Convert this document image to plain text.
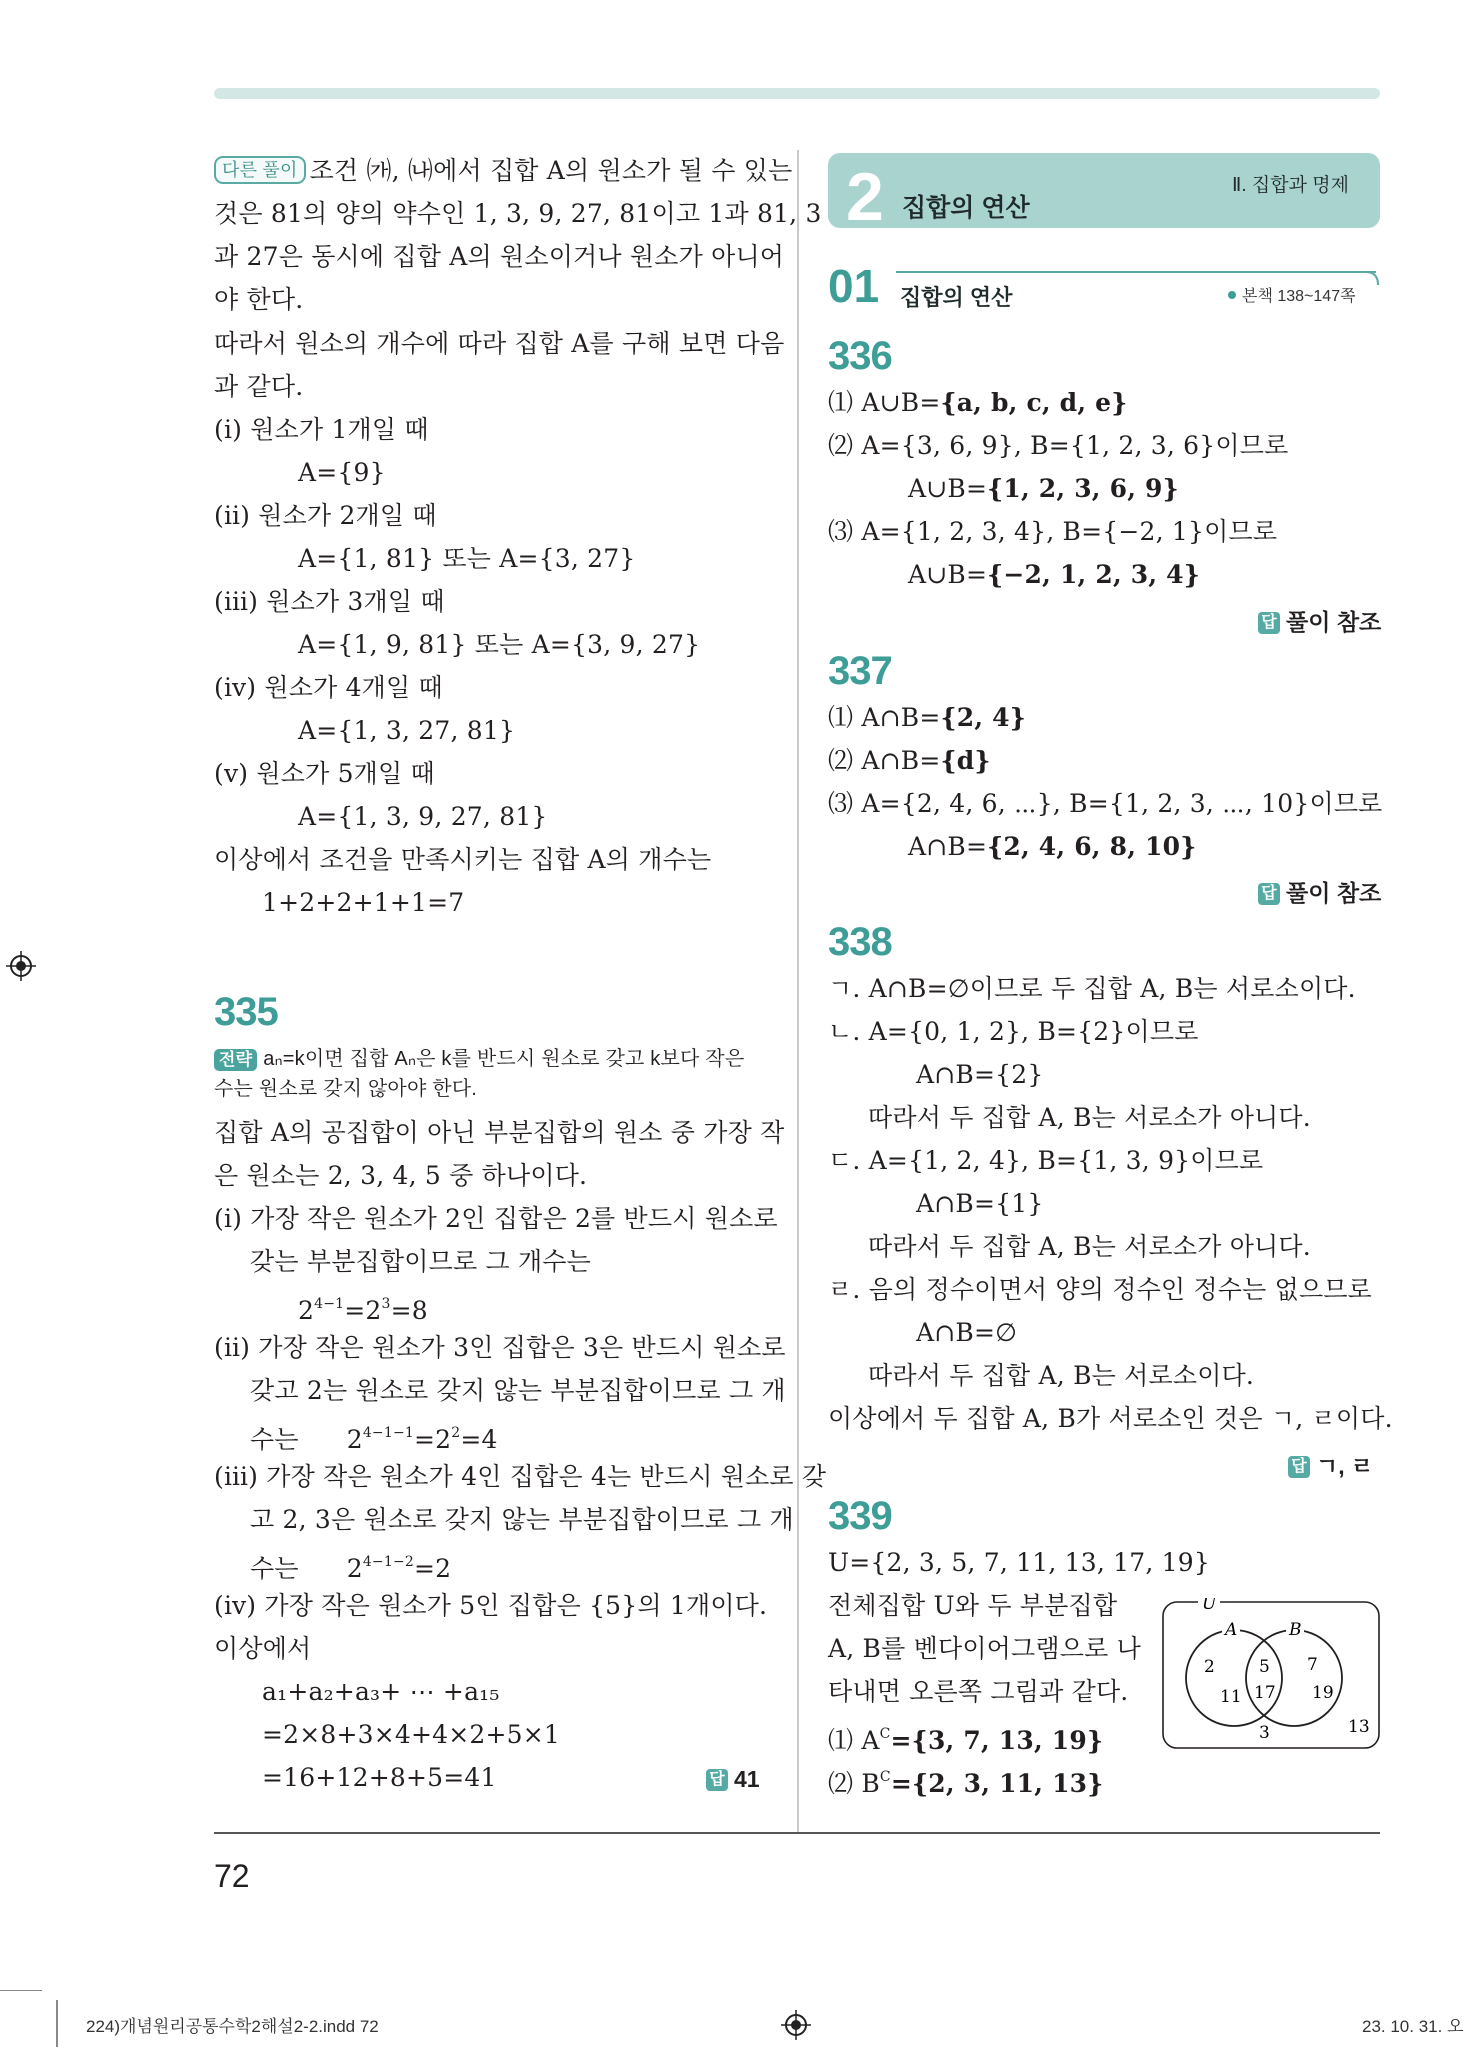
72
224)개념원리공통수학2해설2-2.indd 72	23. 10. 31. 오
다른 풀이 조건 ㈎, ㈏에서 집합 A의 원소가 될 수 있는
것은 81의 양의 약수인 1, 3, 9, 27, 81이고 1과 81, 3
과 27은 동시에 집합 A의 원소이거나 원소가 아니어
야 한다.
따라서 원소의 개수에 따라 집합 A를 구해 보면 다음
과 같다.
(ⅰ) 원소가 1개일 때
A={9}
(ⅱ) 원소가 2개일 때
A={1, 81} 또는 A={3, 27}
(ⅲ) 원소가 3개일 때
A={1, 9, 81} 또는 A={3, 9, 27}
(ⅳ) 원소가 4개일 때
A={1, 3, 27, 81}
(ⅴ) 원소가 5개일 때
A={1, 3, 9, 27, 81}
이상에서 조건을 만족시키는 집합 A의 개수는
1+2+2+1+1=7
335
전략 aₙ=k이면 집합 Aₙ은 k를 반드시 원소로 갖고 k보다 작은
수는 원소로 갖지 않아야 한다.
집합 A의 공집합이 아닌 부분집합의 원소 중 가장 작
은 원소는 2, 3, 4, 5 중 하나이다.
(ⅰ) 가장 작은 원소가 2인 집합은 2를 반드시 원소로
갖는 부분집합이므로 그 개수는
$2^{4-1}=2^3=8$
(ⅱ) 가장 작은 원소가 3인 집합은 3은 반드시 원소로
갖고 2는 원소로 갖지 않는 부분집합이므로 그 개
수는 $2^{4-1-1}=2^2=4$
(ⅲ) 가장 작은 원소가 4인 집합은 4는 반드시 원소로 갖
고 2, 3은 원소로 갖지 않는 부분집합이므로 그 개
수는 $2^{4-1-2}=2$
(ⅳ) 가장 작은 원소가 5인 집합은 {5}의 1개이다.
이상에서
a₁+a₂+a₃+ ⋯ +a₁₅
=2×8+3×4+4×2+5×1
=16+12+8+5=41	답 41
2 집합의 연산
Ⅱ. 집합과 명제
01 집합의 연산	본책 138~147쪽
336
⑴ A∪B={a, b, c, d, e}
⑵ A={3, 6, 9}, B={1, 2, 3, 6}이므로
A∪B={1, 2, 3, 6, 9}
⑶ A={1, 2, 3, 4}, B={−2, 1}이므로
A∪B={−2, 1, 2, 3, 4}
답 풀이 참조
337
⑴ A∩B={2, 4}
⑵ A∩B={d}
⑶ A={2, 4, 6, ⋯}, B={1, 2, 3, ⋯, 10}이므로
A∩B={2, 4, 6, 8, 10}
답 풀이 참조
338
ㄱ. A∩B=∅이므로 두 집합 A, B는 서로소이다.
ㄴ. A={0, 1, 2}, B={2}이므로
A∩B={2}
따라서 두 집합 A, B는 서로소가 아니다.
ㄷ. A={1, 2, 4}, B={1, 3, 9}이므로
A∩B={1}
따라서 두 집합 A, B는 서로소가 아니다.
ㄹ. 음의 정수이면서 양의 정수인 정수는 없으므로
A∩B=∅
따라서 두 집합 A, B는 서로소이다.
이상에서 두 집합 A, B가 서로소인 것은 ㄱ, ㄹ이다.
답 ㄱ, ㄹ
339
U={2, 3, 5, 7, 11, 13, 17, 19}
전체집합 U와 두 부분집합
A, B를 벤다이어그램으로 나
타내면 오른쪽 그림과 같다.
⑴ $A^C=\{3$, 7, 13, 19}
⑵ $B^C=\{2$, 3, 11, 13}
U
A	B
2
11
5
17
7
19
3	13
